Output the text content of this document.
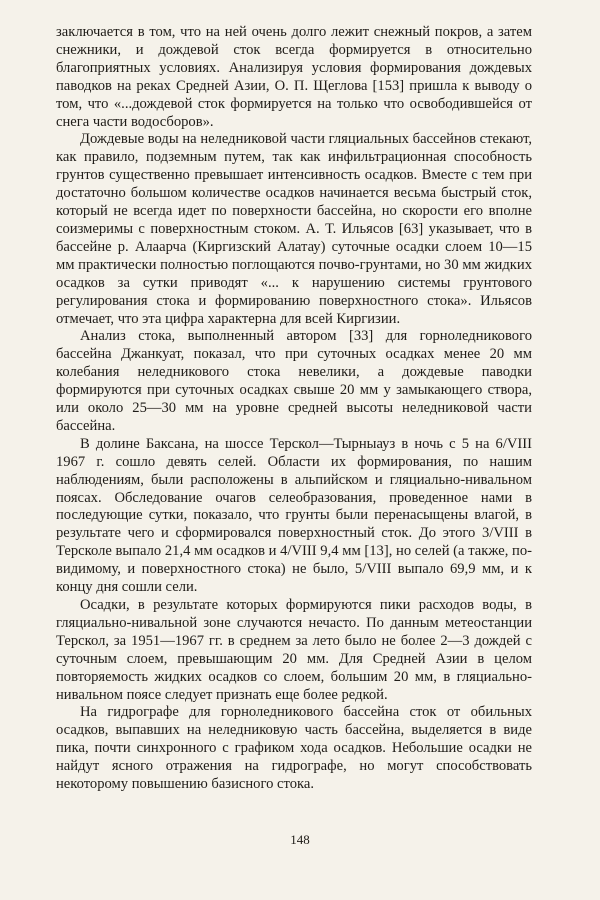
заключается в том, что на ней очень долго лежит снежный покров, а затем снежники, и дождевой сток всегда формируется в относительно благоприятных условиях. Анализируя условия формирования дождевых паводков на реках Средней Азии, О. П. Щеглова [153] пришла к выводу о том, что «...дождевой сток формируется на только что освободившейся от снега части водосборов».

Дождевые воды на неледниковой части гляциальных бассейнов стекают, как правило, подземным путем, так как инфильтрационная способность грунтов существенно превышает интенсивность осадков. Вместе с тем при достаточно большом количестве осадков начинается весьма быстрый сток, который не всегда идет по поверхности бассейна, но скорости его вполне соизмеримы с поверхностным стоком. А. Т. Ильясов [63] указывает, что в бассейне р. Алаарча (Киргизский Алатау) суточные осадки слоем 10—15 мм практически полностью поглощаются почво-грунтами, но 30 мм жидких осадков за сутки приводят «... к нарушению системы грунтового регулирования стока и формированию поверхностного стока». Ильясов отмечает, что эта цифра характерна для всей Киргизии.

Анализ стока, выполненный автором [33] для горноледникового бассейна Джанкуат, показал, что при суточных осадках менее 20 мм колебания неледникового стока невелики, а дождевые паводки формируются при суточных осадках свыше 20 мм у замыкающего створа, или около 25—30 мм на уровне средней высоты неледниковой части бассейна.

В долине Баксана, на шоссе Терскол—Тырныауз в ночь с 5 на 6/VIII 1967 г. сошло девять селей. Области их формирования, по нашим наблюдениям, были расположены в альпийском и гляциально-нивальном поясах. Обследование очагов селеобразования, проведенное нами в последующие сутки, показало, что грунты были перенасыщены влагой, в результате чего и сформировался поверхностный сток. До этого 3/VIII в Терсколе выпало 21,4 мм осадков и 4/VIII 9,4 мм [13], но селей (а также, по-видимому, и поверхностного стока) не было, 5/VIII выпало 69,9 мм, и к концу дня сошли сели.

Осадки, в результате которых формируются пики расходов воды, в гляциально-нивальной зоне случаются нечасто. По данным метеостанции Терскол, за 1951—1967 гг. в среднем за лето было не более 2—3 дождей с суточным слоем, превышающим 20 мм. Для Средней Азии в целом повторяемость жидких осадков со слоем, большим 20 мм, в гляциально-нивальном поясе следует признать еще более редкой.

На гидрографе для горноледникового бассейна сток от обильных осадков, выпавших на неледниковую часть бассейна, выделяется в виде пика, почти синхронного с графиком хода осадков. Небольшие осадки не найдут ясного отражения на гидрографе, но могут способствовать некоторому повышению базисного стока.

148
